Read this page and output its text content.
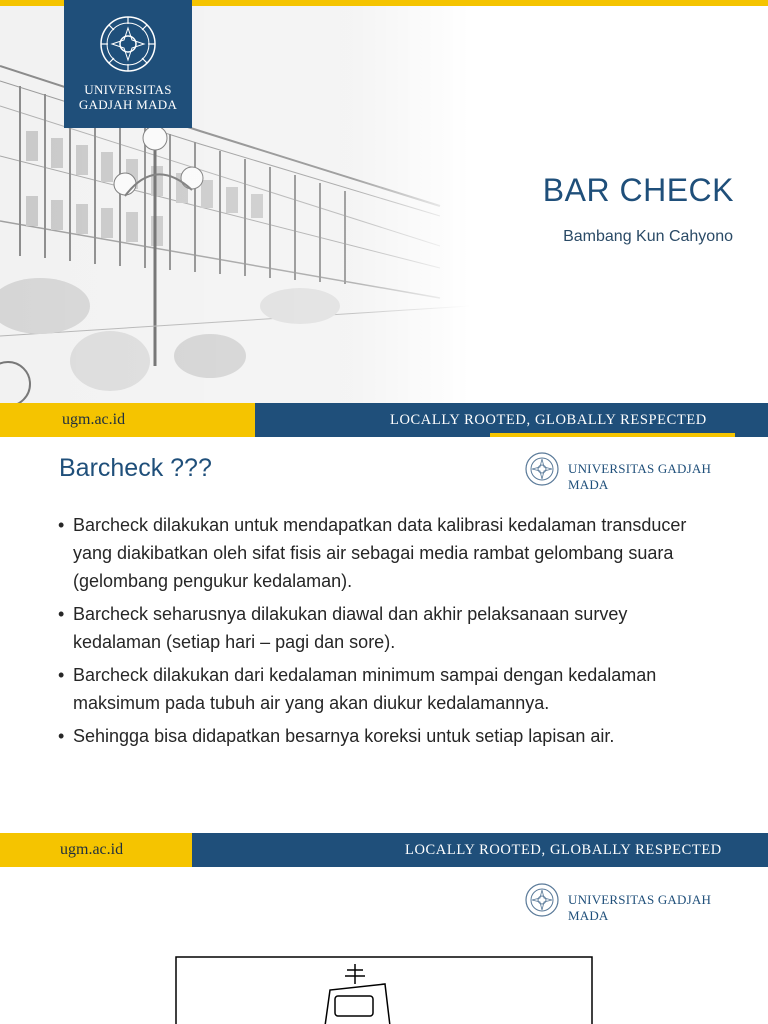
UNIVERSITAS
GADJAH MADA
BAR CHECK
Bambang Kun Cahyono
ugm.ac.id	LOCALLY ROOTED, GLOBALLY RESPECTED
Barcheck ???	UNIVERSITAS GADJAH MADA
• Barcheck dilakukan untuk mendapatkan data kalibrasi kedalaman transducer yang diakibatkan oleh sifat fisis air sebagai media rambat gelombang suara (gelombang pengukur kedalaman).
• Barcheck seharusnya dilakukan diawal dan akhir pelaksanaan survey kedalaman (setiap hari – pagi dan sore).
• Barcheck dilakukan dari kedalaman minimum sampai dengan kedalaman maksimum pada tubuh air yang akan diukur kedalamannya.
• Sehingga bisa didapatkan besarnya koreksi untuk setiap lapisan air.
ugm.ac.id	LOCALLY ROOTED, GLOBALLY RESPECTED
UNIVERSITAS GADJAH MADA
